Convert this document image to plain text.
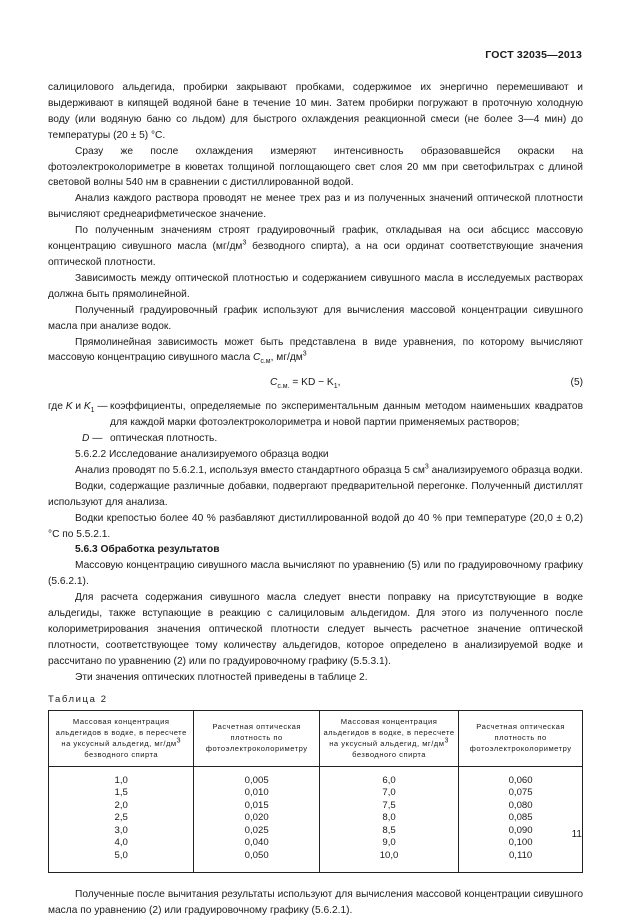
ГОСТ 32035—2013

салицилового альдегида, пробирки закрывают пробками, содержимое их энергично перемешивают и выдерживают в кипящей водяной бане в течение 10 мин. Затем пробирки погружают в проточную холодную воду (или водяную баню со льдом) для быстрого охлаждения реакционной смеси (не более 3—4 мин) до температуры (20 ± 5) °С.

Сразу же после охлаждения измеряют интенсивность образовавшейся окраски на фотоэлектроколориметре в кюветах толщиной поглощающего свет слоя 20 мм при светофильтрах с длиной световой волны 540 нм в сравнении с дистиллированной водой.

Анализ каждого раствора проводят не менее трех раз и из полученных значений оптической плотности вычисляют среднеарифметическое значение.

По полученным значениям строят градуировочный график, откладывая на оси абсцисс массовую концентрацию сивушного масла ($мг/дм^3$ безводного спирта), а на оси ординат соответствующие значения оптической плотности.

Зависимость между оптической плотностью и содержанием сивушного масла в исследуемых растворах должна быть прямолинейной.

Полученный градуировочный график используют для вычисления массовой концентрации сивушного масла при анализе водок.

Прямолинейная зависимость может быть представлена в виде уравнения, по которому вычисляют массовую концентрацию сивушного масла $C_{с.м}$, $мг/дм^3$

$C_{с.м.}$ = KD − $K_1$,	(5)
где K и $K_1$ — коэффициенты, определяемые по экспериментальным данным методом наименьших квадратов для каждой марки фотоэлектроколориметра и новой партии применяемых растворов;
D — оптическая плотность.

5.6.2.2 Исследование анализируемого образца водки

Анализ проводят по 5.6.2.1, используя вместо стандартного образца 5 $см^3$ анализируемого образца водки.

Водки, содержащие различные добавки, подвергают предварительной перегонке. Полученный дистиллят используют для анализа.

Водки крепостью более 40 % разбавляют дистиллированной водой до 40 % при температуре (20,0 ± 0,2) °С по 5.5.2.1.

5.6.3 Обработка результатов

Массовую концентрацию сивушного масла вычисляют по уравнению (5) или по градуировочному графику (5.6.2.1).

Для расчета содержания сивушного масла следует внести поправку на присутствующие в водке альдегиды, также вступающие в реакцию с салициловым альдегидом. Для этого из полученного после колориметрирования значения оптической плотности следует вычесть расчетное значение оптической плотности, соответствующее тому количеству альдегидов, которое определено в анализируемой водке и рассчитано по уравнению (2) или по градуировочному графику (5.5.3.1).

Эти значения оптических плотностей приведены в таблице 2.

Таблица 2
Массовая концентрация альдегидов в водке, в пересчете на уксусный альдегид, $мг/дм^3$ безводного спирта	Расчетная оптическая плотность по фотоэлектроколориметру	Массовая концентрация альдегидов в водке, в пересчете на уксусный альдегид, $мг/дм^3$ безводного спирта	Расчетная оптическая плотность по фотоэлектроколориметру
1,0	0,005	6,0	0,060
1,5	0,010	7,0	0,075
2,0	0,015	7,5	0,080
2,5	0,020	8,0	0,085
3,0	0,025	8,5	0,090
4,0	0,040	9,0	0,100
5,0	0,050	10,0	0,110

Полученные после вычитания результаты используют для вычисления массовой концентрации сивушного масла по уравнению (2) или градуировочному графику (5.6.2.1).

11
